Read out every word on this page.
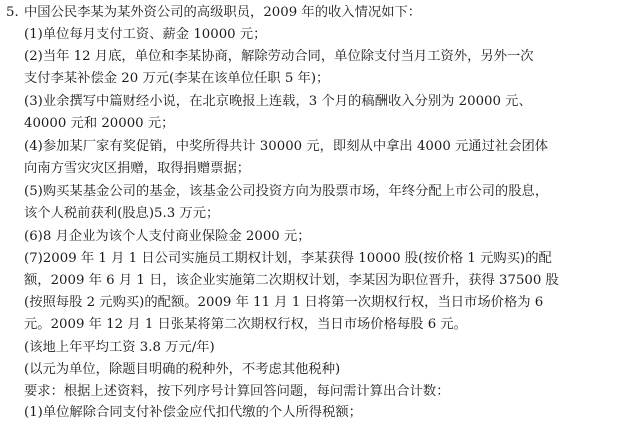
5. 中国公民李某为某外资公司的高级职员，2009 年的收入情况如下：
(1)单位每月支付工资、薪金 10000 元；
(2)当年 12 月底，单位和李某协商，解除劳动合同，单位除支付当月工资外，另外一次
支付李某补偿金 20 万元(李某在该单位任职 5 年)；
(3)业余撰写中篇财经小说，在北京晚报上连载，3 个月的稿酬收入分别为 20000 元、
40000 元和 20000 元；
(4)参加某厂家有奖促销，中奖所得共计 30000 元，即刻从中拿出 4000 元通过社会团体
向南方雪灾灾区捐赠，取得捐赠票据；
(5)购买某基金公司的基金，该基金公司投资方向为股票市场，年终分配上市公司的股息，
该个人税前获利(股息)5.3 万元；
(6)8 月企业为该个人支付商业保险金 2000 元；
(7)2009 年 1 月 1 日公司实施员工期权计划，李某获得 10000 股(按价格 1 元购买)的配
额，2009 年 6 月 1 日，该企业实施第二次期权计划，李某因为职位晋升，获得 37500 股
(按照每股 2 元购买)的配额。2009 年 11 月 1 日将第一次期权行权，当日市场价格为 6
元。2009 年 12 月 1 日张某将第二次期权行权，当日市场价格每股 6 元。
(该地上年平均工资 3.8 万元/年)
(以元为单位，除题目明确的税种外，不考虑其他税种)
要求：根据上述资料，按下列序号计算回答问题，每问需计算出合计数：
(1)单位解除合同支付补偿金应代扣代缴的个人所得税额；
